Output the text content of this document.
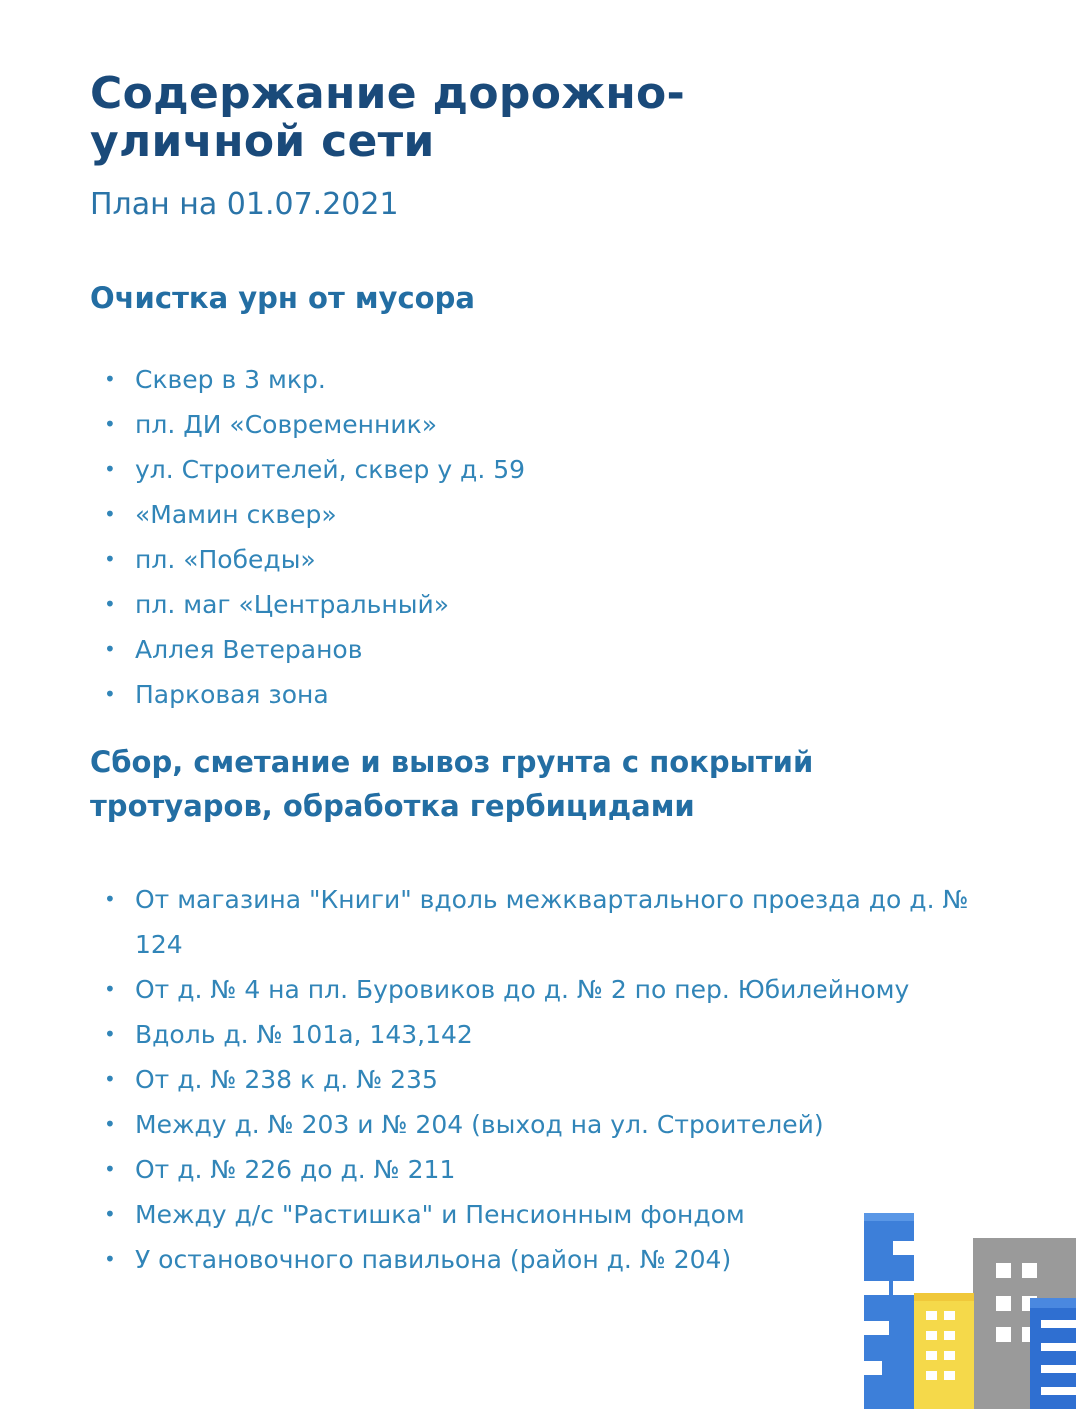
Содержание дорожно-уличной сети
План на 01.07.2021
Очистка урн от мусора
• Сквер в 3 мкр.
• пл. ДИ «Современник»
• ул. Строителей, сквер у д. 59
• «Мамин сквер»
• пл. «Победы»
• пл. маг «Центральный»
• Аллея Ветеранов
• Парковая зона
Сбор, сметание и вывоз грунта с покрытий тротуаров, обработка гербицидами
• От магазина "Книги" вдоль межквартального проезда до д. № 124
• От д. № 4 на пл. Буровиков до д. № 2 по пер. Юбилейному
• Вдоль д. № 101а, 143,142
• От д. № 238 к д. № 235
• Между д. № 203 и № 204 (выход на ул. Строителей)
• От д. № 226 до д. № 211
• Между д/с "Растишка" и Пенсионным фондом
• У остановочного павильона (район д. № 204)
